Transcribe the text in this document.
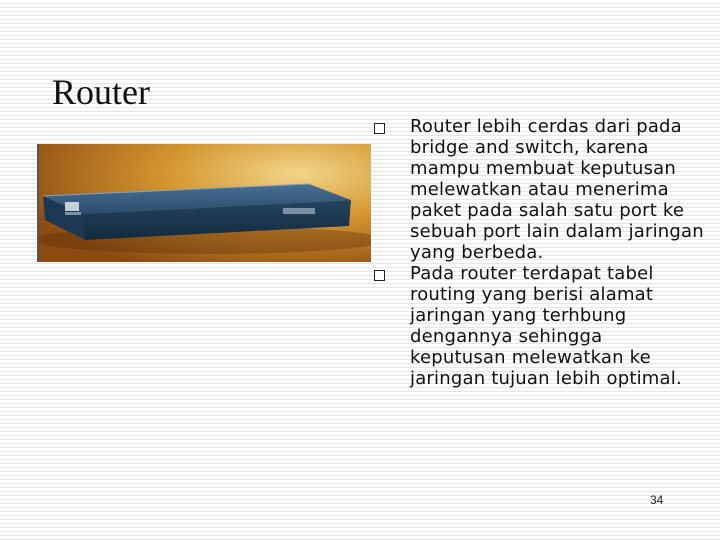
Router
Router lebih cerdas dari pada bridge and switch, karena mampu membuat keputusan melewatkan atau menerima paket pada salah satu port ke sebuah port lain dalam jaringan yang berbeda.
Pada router terdapat tabel routing yang berisi alamat jaringan yang terhbung dengannya sehingga keputusan melewatkan ke jaringan tujuan lebih optimal.
34
